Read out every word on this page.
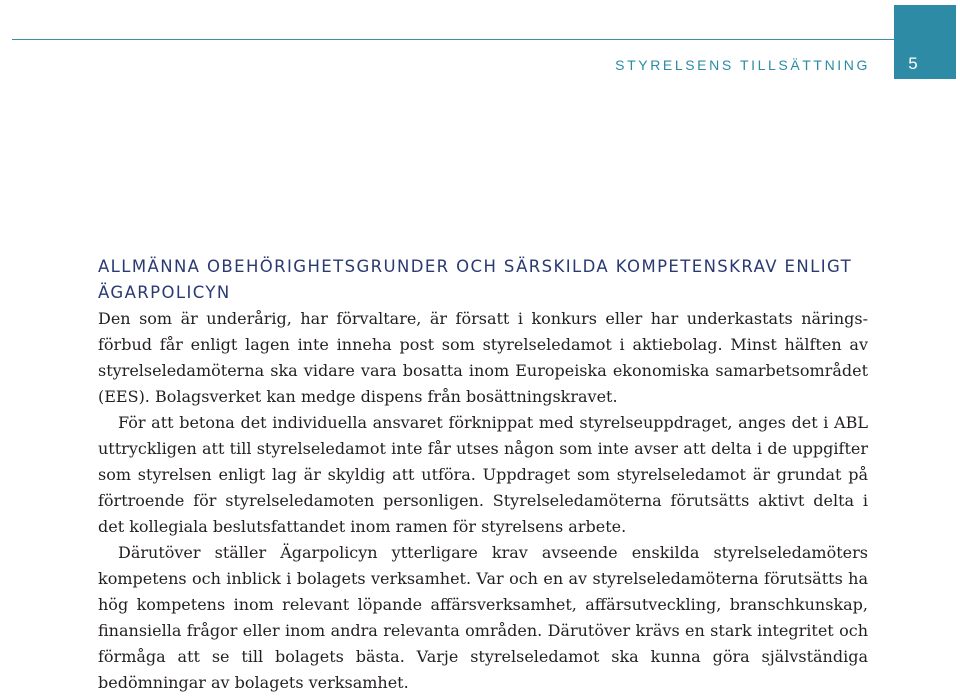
STYRELSENS TILLSÄTTNING	5
ALLMÄNNA OBEHÖRIGHETSGRUNDER OCH SÄRSKILDA KOMPETENSKRAV ENLIGT ÄGARPOLICYN

Den som är underårig, har förvaltare, är försatt i konkurs eller har underkastats näringsförbud får enligt lagen inte inneha post som styrelseledamot i aktiebolag. Minst hälften av styrelseledamöterna ska vidare vara bosatta inom Europeiska ekonomiska samarbetsområdet (EES). Bolagsverket kan medge dispens från bosättningskravet.

För att betona det individuella ansvaret förknippat med styrelseuppdraget, anges det i ABL uttryckligen att till styrelseledamot inte får utses någon som inte avser att delta i de uppgifter som styrelsen enligt lag är skyldig att utföra. Uppdraget som styrelseledamot är grundat på förtroende för styrelseledamoten personligen. Styrelseledamöterna förutsätts aktivt delta i det kollegiala beslutsfattandet inom ramen för styrelsens arbete.

Därutöver ställer Ägarpolicyn ytterligare krav avseende enskilda styrelseledamöters kompetens och inblick i bolagets verksamhet. Var och en av styrelseledamöterna förutsätts ha hög kompetens inom relevant löpande affärsverksamhet, affärsutveckling, branschkunskap, finansiella frågor eller inom andra relevanta områden. Därutöver krävs en stark integritet och förmåga att se till bolagets bästa. Varje styrelseledamot ska kunna göra självständiga bedömningar av bolagets verksamhet.
